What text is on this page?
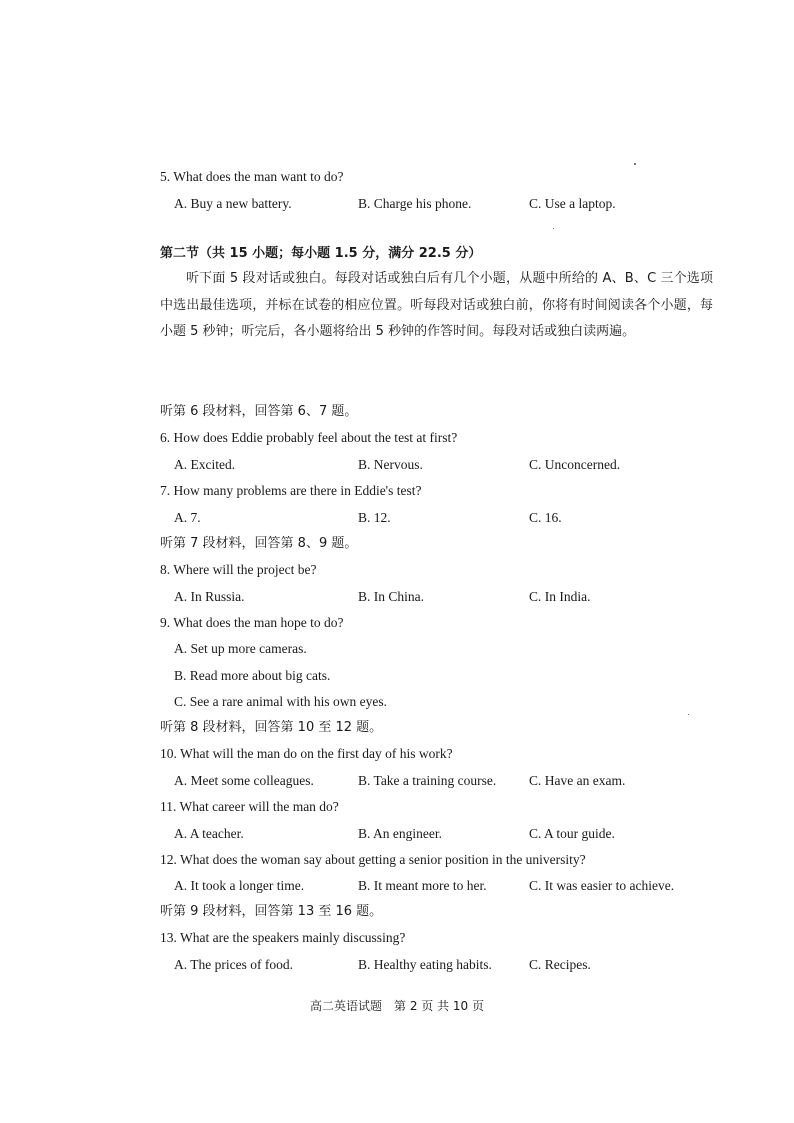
5. What does the man want to do?
A. Buy a new battery.	B. Charge his phone.	C. Use a laptop.
第二节（共 15 小题；每小题 1.5 分，满分 22.5 分）

听下面 5 段对话或独白。每段对话或独白后有几个小题，从题中所给的 A、B、C 三个选项中选出最佳选项，并标在试卷的相应位置。听每段对话或独白前，你将有时间阅读各个小题，每小题 5 秒钟；听完后，各小题将给出 5 秒钟的作答时间。每段对话或独白读两遍。

听第 6 段材料，回答第 6、7 题。
6. How does Eddie probably feel about the test at first?
A. Excited.	B. Nervous.	C. Unconcerned.
7. How many problems are there in Eddie's test?
A. 7.	B. 12.	C. 16.
听第 7 段材料，回答第 8、9 题。
8. Where will the project be?
A. In Russia.	B. In China.	C. In India.
9. What does the man hope to do?
A. Set up more cameras.
B. Read more about big cats.
C. See a rare animal with his own eyes.
听第 8 段材料，回答第 10 至 12 题。
10. What will the man do on the first day of his work?
A. Meet some colleagues.	B. Take a training course. C. Have an exam.
11. What career will the man do?
A. A teacher.	B. An engineer.	C. A tour guide.
12. What does the woman say about getting a senior position in the university?
A. It took a longer time.	B. It meant more to her.	C. It was easier to achieve.
听第 9 段材料，回答第 13 至 16 题。
13. What are the speakers mainly discussing?
A. The prices of food.	B. Healthy eating habits.	C. Recipes.
高二英语试题　第 2 页 共 10 页
